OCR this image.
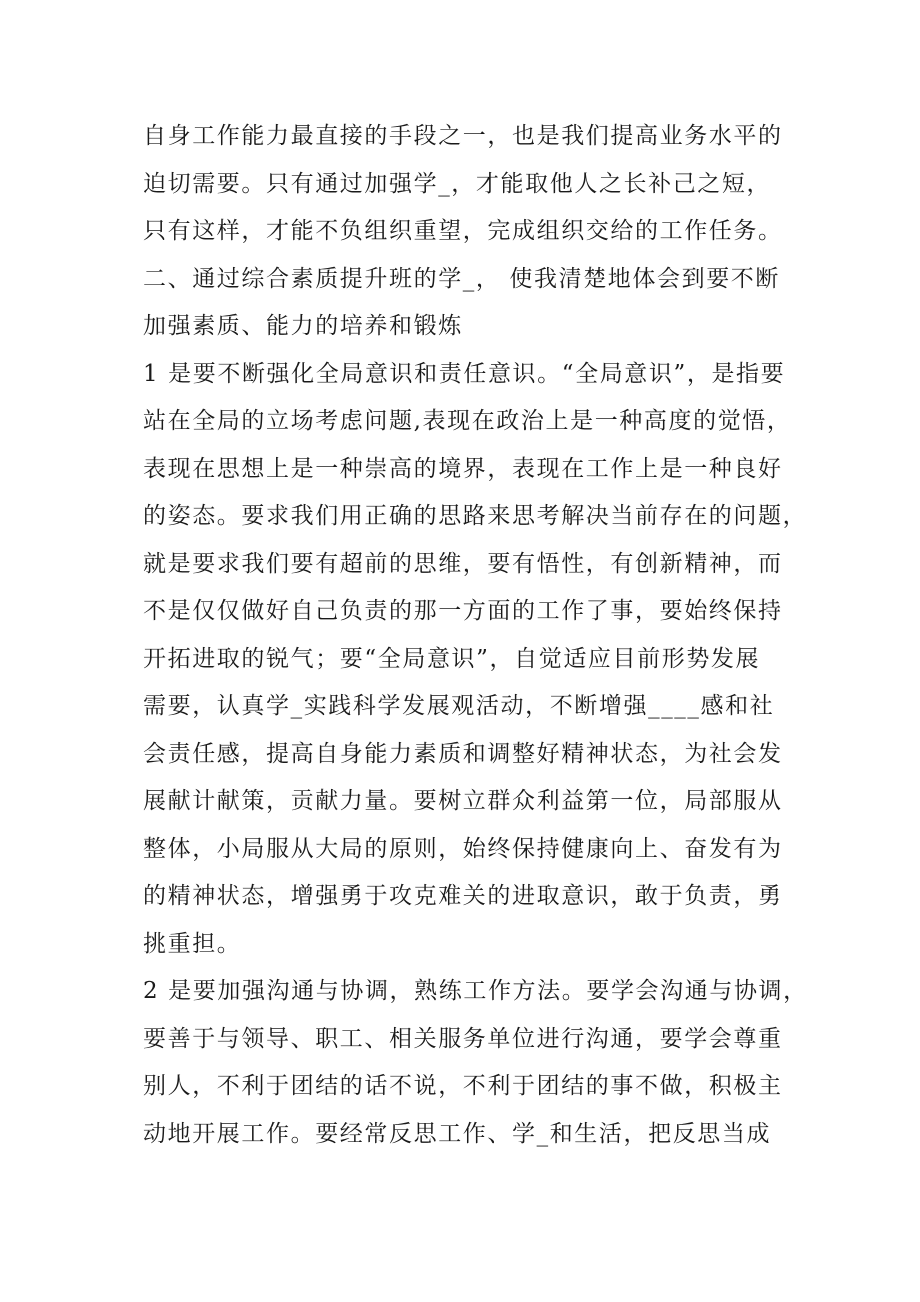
自身工作能力最直接的手段之一，也是我们提高业务水平的
迫切需要。只有通过加强学_，才能取他人之长补己之短，
只有这样，才能不负组织重望，完成组织交给的工作任务。
二、通过综合素质提升班的学_， 使我清楚地体会到要不断
加强素质、能力的培养和锻炼
1 是要不断强化全局意识和责任意识。“全局意识”，是指要
站在全局的立场考虑问题,表现在政治上是一种高度的觉悟，
表现在思想上是一种崇高的境界，表现在工作上是一种良好
的姿态。要求我们用正确的思路来思考解决当前存在的问题，
就是要求我们要有超前的思维，要有悟性，有创新精神，而
不是仅仅做好自己负责的那一方面的工作了事，要始终保持
开拓进取的锐气；要“全局意识”，自觉适应目前形势发展
需要，认真学_实践科学发展观活动，不断增强____感和社
会责任感，提高自身能力素质和调整好精神状态，为社会发
展献计献策，贡献力量。要树立群众利益第一位，局部服从
整体，小局服从大局的原则，始终保持健康向上、奋发有为
的精神状态，增强勇于攻克难关的进取意识，敢于负责，勇
挑重担。
2 是要加强沟通与协调，熟练工作方法。要学会沟通与协调，
要善于与领导、职工、相关服务单位进行沟通，要学会尊重
别人，不利于团结的话不说，不利于团结的事不做，积极主
动地开展工作。要经常反思工作、学_和生活，把反思当成
